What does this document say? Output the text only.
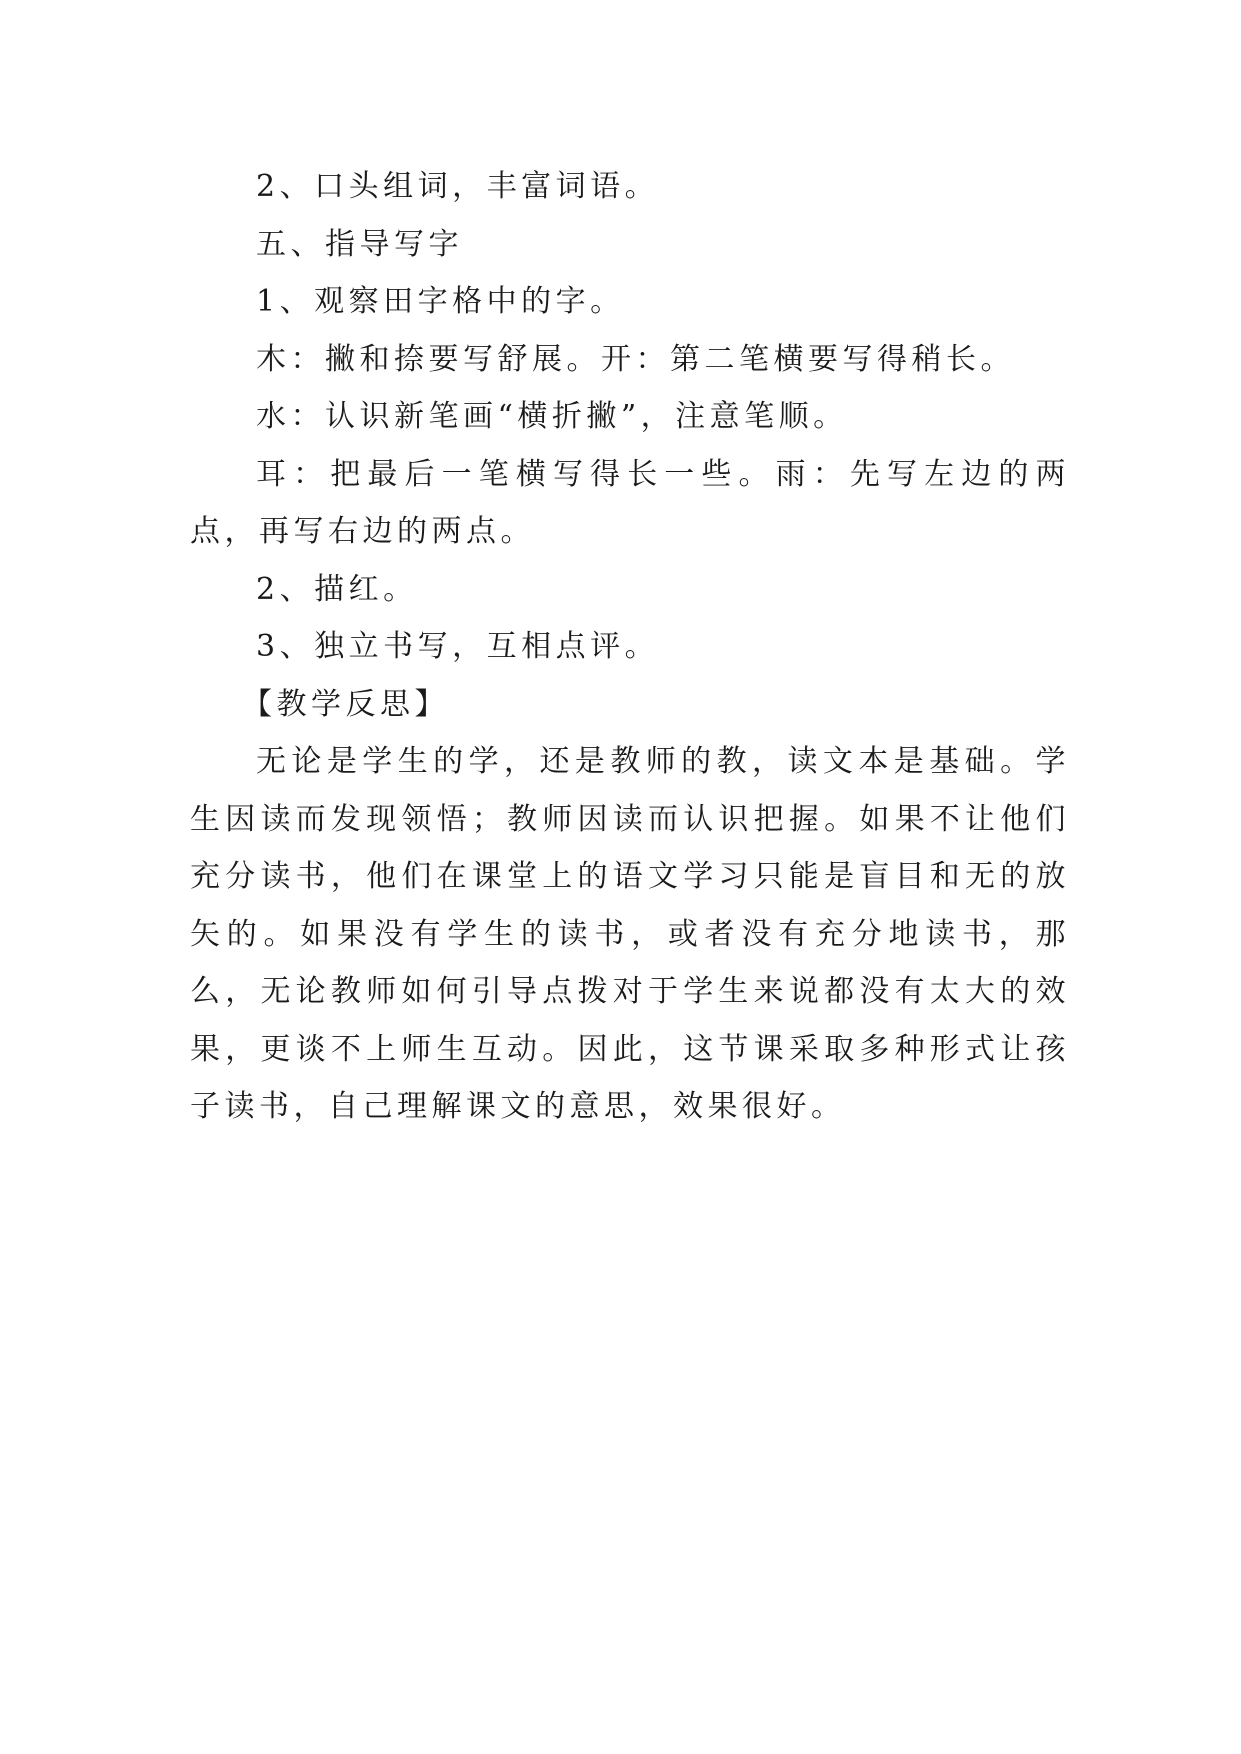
2、口头组词，丰富词语。

五、指导写字

1、观察田字格中的字。

木：撇和捺要写舒展。开：第二笔横要写得稍长。

水：认识新笔画“横折撇”，注意笔顺。

耳：把最后一笔横写得长一些。雨：先写左边的两点，再写右边的两点。

2、描红。

3、独立书写，互相点评。

【教学反思】

无论是学生的学，还是教师的教，读文本是基础。学生因读而发现领悟；教师因读而认识把握。如果不让他们充分读书，他们在课堂上的语文学习只能是盲目和无的放矢的。如果没有学生的读书，或者没有充分地读书，那么，无论教师如何引导点拨对于学生来说都没有太大的效果，更谈不上师生互动。因此，这节课采取多种形式让孩子读书，自己理解课文的意思，效果很好。
